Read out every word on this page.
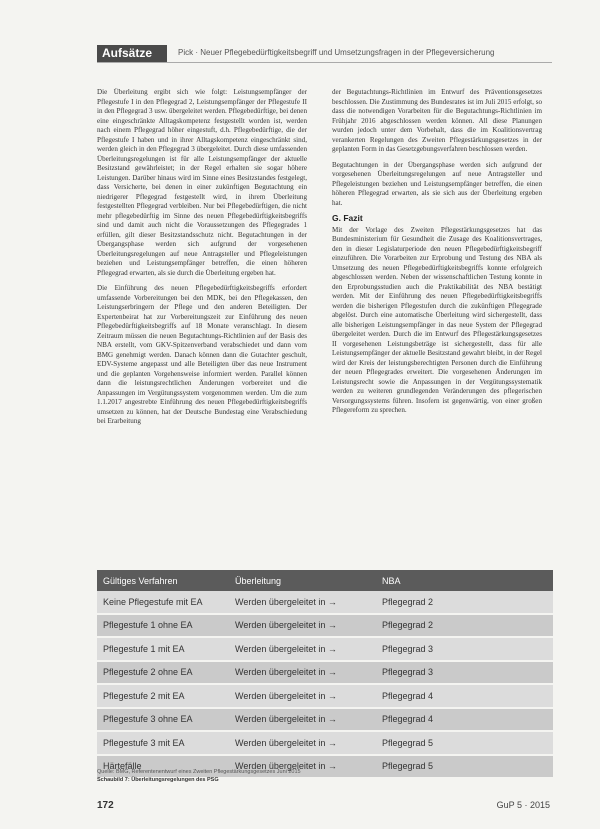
Aufsätze	Pick · Neuer Pflegebedürftigkeitsbegriff und Umsetzungsfragen in der Pflegeversicherung

Die Überleitung ergibt sich wie folgt: Leistungsempfänger der Pflegestufe I in den Pflegegrad 2, Leistungsempfänger der Pflegestufe II in den Pflegegrad 3 usw. übergeleitet werden. Pflegebedürftige, bei denen eine eingeschränkte Alltagskompetenz festgestellt worden ist, werden nach einem Pflegegrad höher eingestuft, d.h. Pflegebedürftige, die der Pflegestufe I haben und in ihrer Alltagskompetenz eingeschränkt sind, werden gleich in den Pflegegrad 3 übergeleitet. Durch diese umfassenden Überleitungsregelungen ist für alle Leistungsempfänger der aktuelle Besitzstand gewährleistet; in der Regel erhalten sie sogar höhere Leistungen. Darüber hinaus wird im Sinne eines Besitzstandes festgelegt, dass Versicherte, bei denen in einer zukünftigen Begutachtung ein niedrigerer Pflegegrad festgestellt wird, in ihrem Überleitung festgestellten Pflegegrad verbleiben. Nur bei Pflegebedürftigen, die nicht mehr pflegebedürftig im Sinne des neuen Pflegebedürftigkeitsbegriffs sind und damit auch nicht die Voraussetzungen des Pflegegrades 1 erfüllen, gilt dieser Besitzstandsschutz nicht. Begutachtungen in der Übergangsphase werden sich aufgrund der vorgesehenen Überleitungsregelungen auf neue Antragsteller und Pflegeleistungen beziehen und Leistungsempfänger betreffen, die einen höheren Pflegegrad erwarten, als sie durch die Überleitung ergeben hat.

Die Einführung des neuen Pflegebedürftigkeitsbegriffs erfordert umfassende Vorbereitungen bei den MDK, bei den Pflegekassen, den Leistungserbringern der Pflege und den anderen Beteiligten. Der Expertenbeirat hat zur Vorbereitungszeit zur Einführung des neuen Pflegebedürftigkeitsbegriffs auf 18 Monate veranschlagt. In diesem Zeitraum müssen die neuen Begutachtungs-Richtlinien auf der Basis des NBA erstellt, vom GKV-Spitzenverband verabschiedet und dann vom BMG genehmigt werden. Danach können dann die Gutachter geschult, EDV-Systeme angepasst und alle Beteiligten über das neue Instrument und die geplanten Vorgehensweise informiert werden. Parallel können dann die leistungsrechtlichen Änderungen vorbereitet und die Anpassungen im Vergütungssystem vorgenommen werden. Um die zum 1.1.2017 angestrebte Einführung des neuen Pflegebedürftigkeitsbegriffs umsetzen zu können, hat der Deutsche Bundestag eine Verabschiedung bei Erarbeitung

der Begutachtungs-Richtlinien im Entwurf des Präventionsgesetzes beschlossen. Die Zustimmung des Bundesrates ist im Juli 2015 erfolgt, so dass die notwendigen Vorarbeiten für die Begutachtungs-Richtlinien im Frühjahr 2016 abgeschlossen werden können. All diese Planungen wurden jedoch unter dem Vorbehalt, dass die im Koalitionsvertrag verankerten Regelungen des Zweiten Pflegestärkungsgesetzes in der geplanten Form in das Gesetzgebungsverfahren beschlossen werden.

Begutachtungen in der Übergangsphase werden sich aufgrund der vorgesehenen Überleitungsregelungen auf neue Antragsteller und Pflegeleistungen beziehen und Leistungsempfänger betreffen, die einen höheren Pflegegrad erwarten, als sie sich aus der Überleitung ergeben hat.

G. Fazit

Mit der Vorlage des Zweiten Pflegestärkungsgesetzes hat das Bundesministerium für Gesundheit die Zusage des Koalitionsvertrages, den in dieser Legislaturperiode den neuen Pflegebedürftigkeitsbegriff einzuführen. Die Vorarbeiten zur Erprobung und Testung des NBA als Umsetzung des neuen Pflegebedürftigkeitsbegriffs konnte erfolgreich abgeschlossen werden. Neben der wissenschaftlichen Testung konnte in den Erprobungsstudien auch die Praktikabilität des NBA bestätigt werden. Mit der Einführung des neuen Pflegebedürftigkeitsbegriffs werden die bisherigen Pflegestufen durch die zukünftigen Pflegegrade abgelöst. Durch eine automatische Überleitung wird sichergestellt, dass alle bisherigen Leistungsempfänger in das neue System der Pflegegrad übergeleitet werden. Durch die im Entwurf des Pflegestärkungsgesetzes II vorgesehenen Leistungsbeträge ist sichergestellt, dass für alle Leistungsempfänger der aktuelle Besitzstand gewahrt bleibt, in der Regel wird der Kreis der leistungsberechtigten Personen durch die Einführung der neuen Pflegegrades erweitert. Die vorgesehenen Änderungen im Leistungsrecht sowie die Anpassungen in der Vergütungssystematik werden zu weiteren grundlegenden Veränderungen des pflegerischen Versorgungssystems führen. Insofern ist gegenwärtig, von einer großen Pflegereform zu sprechen.

Gültiges Verfahren	Überleitung	NBA
Keine Pflegestufe mit EA	Werden übergeleitet in →	Pflegegrad 2
Pflegestufe 1 ohne EA	Werden übergeleitet in →	Pflegegrad 2
Pflegestufe 1 mit EA	Werden übergeleitet in →	Pflegegrad 3
Pflegestufe 2 ohne EA	Werden übergeleitet in →	Pflegegrad 3
Pflegestufe 2 mit EA	Werden übergeleitet in →	Pflegegrad 4
Pflegestufe 3 ohne EA	Werden übergeleitet in →	Pflegegrad 4
Pflegestufe 3 mit EA	Werden übergeleitet in →	Pflegegrad 5
Härtefälle	Werden übergeleitet in →	Pflegegrad 5
Quelle: BMG, Referentenentwurf eines Zweiten Pflegestärkungsgesetzes Juni 2015
Schaubild 7: Überleitungsregelungen des PSG
172	GuP 5 · 2015
